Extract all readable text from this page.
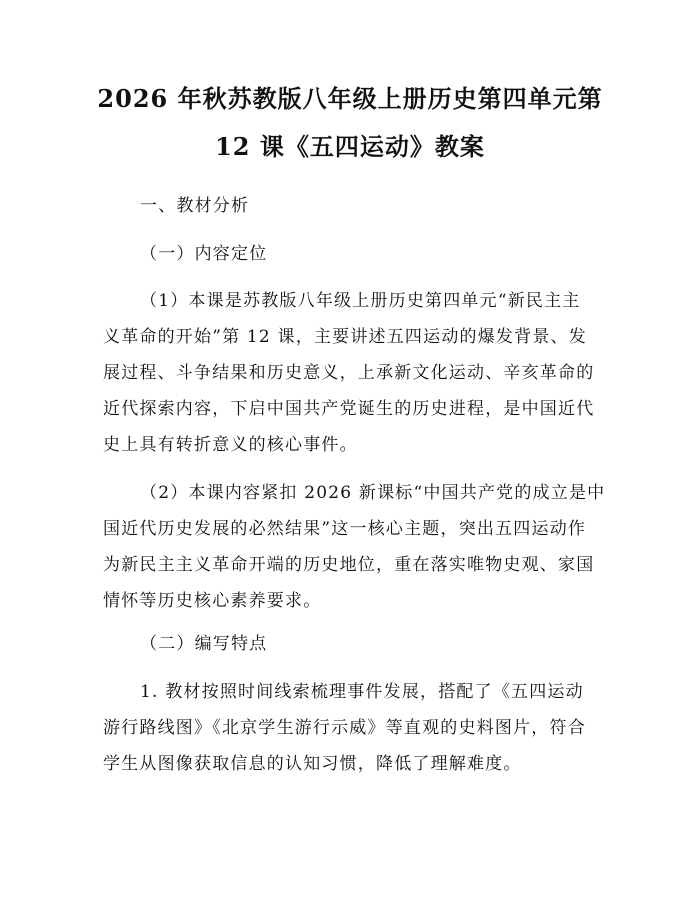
2026 年秋苏教版八年级上册历史第四单元第
12 课《五四运动》教案
一、教材分析
（一）内容定位
（1）本课是苏教版八年级上册历史第四单元“新民主主
义革命的开始”第 12 课，主要讲述五四运动的爆发背景、发
展过程、斗争结果和历史意义，上承新文化运动、辛亥革命的
近代探索内容，下启中国共产党诞生的历史进程，是中国近代
史上具有转折意义的核心事件。
（2）本课内容紧扣 2026 新课标“中国共产党的成立是中
国近代历史发展的必然结果”这一核心主题，突出五四运动作
为新民主主义革命开端的历史地位，重在落实唯物史观、家国
情怀等历史核心素养要求。
（二）编写特点
1. 教材按照时间线索梳理事件发展，搭配了《五四运动
游行路线图》《北京学生游行示威》等直观的史料图片，符合
学生从图像获取信息的认知习惯，降低了理解难度。
